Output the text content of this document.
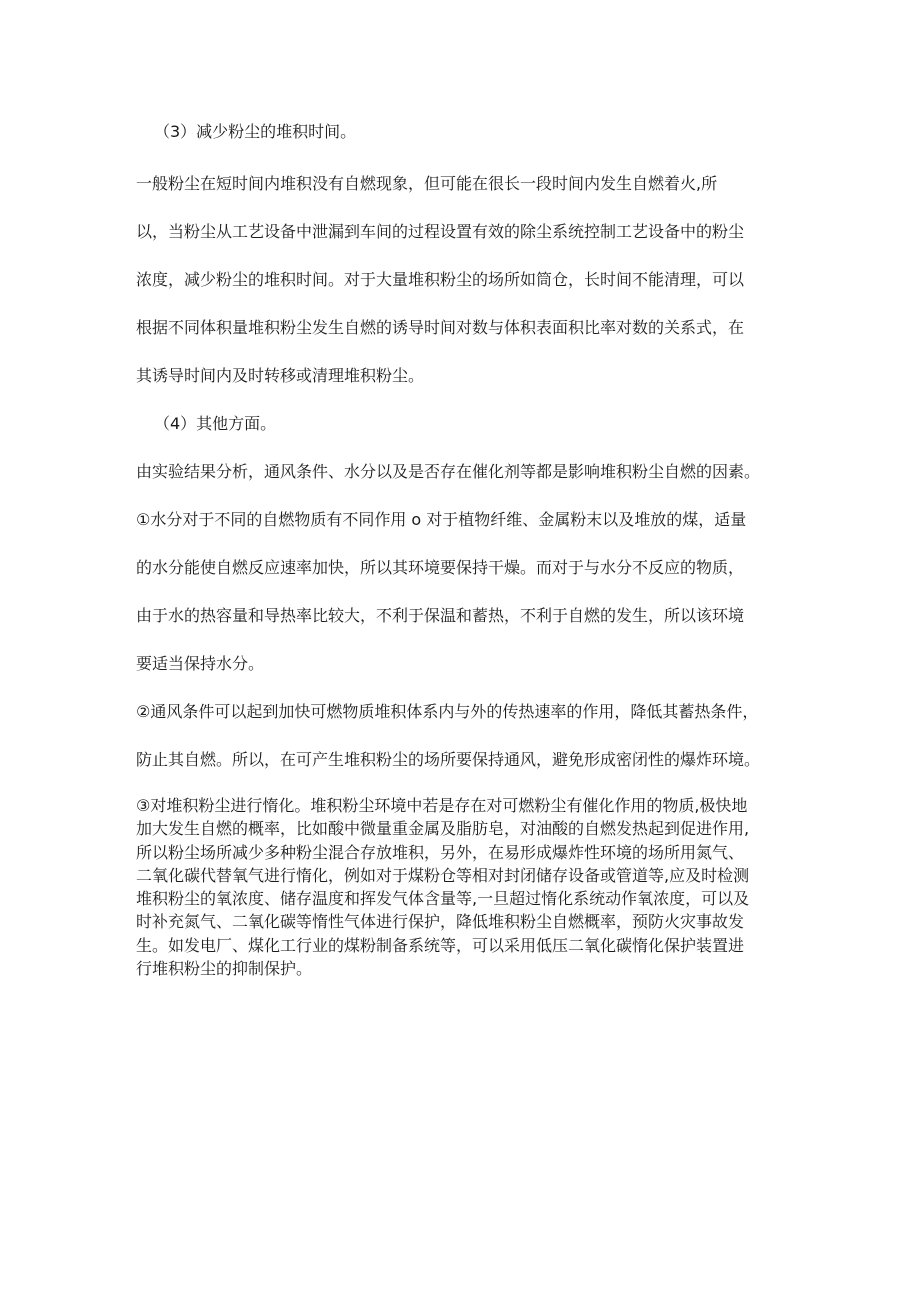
（3）减少粉尘的堆积时间。

一般粉尘在短时间内堆积没有自燃现象，但可能在很长一段时间内发生自燃着火,所

以，当粉尘从工艺设备中泄漏到车间的过程设置有效的除尘系统控制工艺设备中的粉尘

浓度，减少粉尘的堆积时间。对于大量堆积粉尘的场所如筒仓，长时间不能清理，可以

根据不同体积量堆积粉尘发生自燃的诱导时间对数与体积表面积比率对数的关系式，在

其诱导时间内及时转移或清理堆积粉尘。

（4）其他方面。

由实验结果分析，通风条件、水分以及是否存在催化剂等都是影响堆积粉尘自燃的因素。

①水分对于不同的自燃物质有不同作用 o 对于植物纤维、金属粉末以及堆放的煤，适量

的水分能使自燃反应速率加快，所以其环境要保持干燥。而对于与水分不反应的物质，

由于水的热容量和导热率比较大，不利于保温和蓄热，不利于自燃的发生，所以该环境

要适当保持水分。

②通风条件可以起到加快可燃物质堆积体系内与外的传热速率的作用，降低其蓄热条件，

防止其自燃。所以，在可产生堆积粉尘的场所要保持通风，避免形成密闭性的爆炸环境。

③对堆积粉尘进行惰化。堆积粉尘环境中若是存在对可燃粉尘有催化作用的物质,极快地
加大发生自燃的概率，比如酸中微量重金属及脂肪皂，对油酸的自燃发热起到促进作用,
所以粉尘场所减少多种粉尘混合存放堆积，另外，在易形成爆炸性环境的场所用氮气、
二氧化碳代替氧气进行惰化，例如对于煤粉仓等相对封闭储存设备或管道等,应及时检测
堆积粉尘的氧浓度、储存温度和挥发气体含量等,一旦超过惰化系统动作氧浓度，可以及
时补充氮气、二氧化碳等惰性气体进行保护，降低堆积粉尘自燃概率，预防火灾事故发
生。如发电厂、煤化工行业的煤粉制备系统等，可以采用低压二氧化碳惰化保护装置进
行堆积粉尘的抑制保护。
